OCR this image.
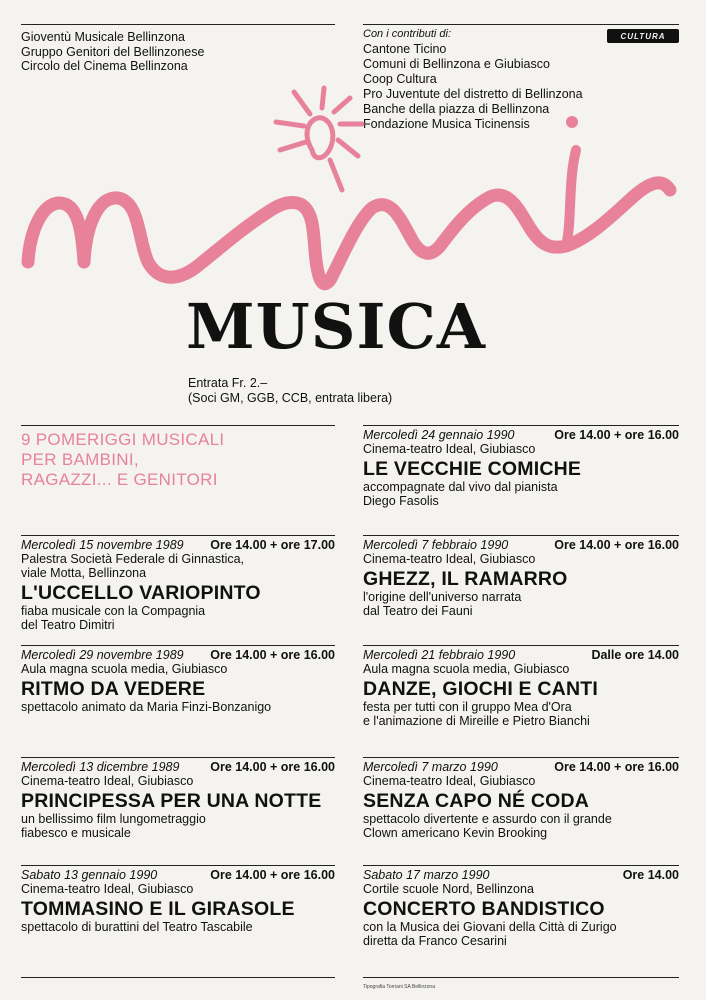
Gioventù Musicale Bellinzona
Gruppo Genitori del Bellinzonese
Circolo del Cinema Bellinzona
Con i contributi di:
Cantone Ticino
Comuni di Bellinzona e Giubiasco
Coop Cultura
Pro Juventute del distretto di Bellinzona
Banche della piazza di Bellinzona
Fondazione Musica Ticinensis
CULTURA
MUSICA
Entrata Fr. 2.–
(Soci GM, GGB, CCB, entrata libera)
9 POMERIGGI MUSICALI
PER BAMBINI,
RAGAZZI... E GENITORI
Mercoledì 15 novembre 1989 Ore 14.00 + ore 17.00
Palestra Società Federale di Ginnastica,
viale Motta, Bellinzona
L'UCCELLO VARIOPINTO
fiaba musicale con la Compagnia
del Teatro Dimitri
Mercoledì 29 novembre 1989 Ore 14.00 + ore 16.00
Aula magna scuola media, Giubiasco
RITMO DA VEDERE
spettacolo animato da Maria Finzi-Bonzanigo
Mercoledì 13 dicembre 1989 Ore 14.00 + ore 16.00
Cinema-teatro Ideal, Giubiasco
PRINCIPESSA PER UNA NOTTE
un bellissimo film lungometraggio
fiabesco e musicale
Sabato 13 gennaio 1990	Ore 14.00 + ore 16.00
Cinema-teatro Ideal, Giubiasco
TOMMASINO E IL GIRASOLE
spettacolo di burattini del Teatro Tascabile
Mercoledì 24 gennaio 1990	Ore 14.00 + ore 16.00
Cinema-teatro Ideal, Giubiasco
LE VECCHIE COMICHE
accompagnate dal vivo dal pianista
Diego Fasolis
Mercoledì 7 febbraio 1990	Ore 14.00 + ore 16.00
Cinema-teatro Ideal, Giubiasco
GHEZZ, IL RAMARRO
l'origine dell'universo narrata
dal Teatro dei Fauni
Mercoledì 21 febbraio 1990	Dalle ore 14.00
Aula magna scuola media, Giubiasco
DANZE, GIOCHI E CANTI
festa per tutti con il gruppo Mea d'Ora
e l'animazione di Mireille e Pietro Bianchi
Mercoledì 7 marzo 1990	Ore 14.00 + ore 16.00
Cinema-teatro Ideal, Giubiasco
SENZA CAPO NÉ CODA
spettacolo divertente e assurdo con il grande
Clown americano Kevin Brooking
Sabato 17 marzo 1990	Ore 14.00
Cortile scuole Nord, Bellinzona
CONCERTO BANDISTICO
con la Musica dei Giovani della Città di Zurigo
diretta da Franco Cesarini
Tipografia Torriani SA Bellinzona
